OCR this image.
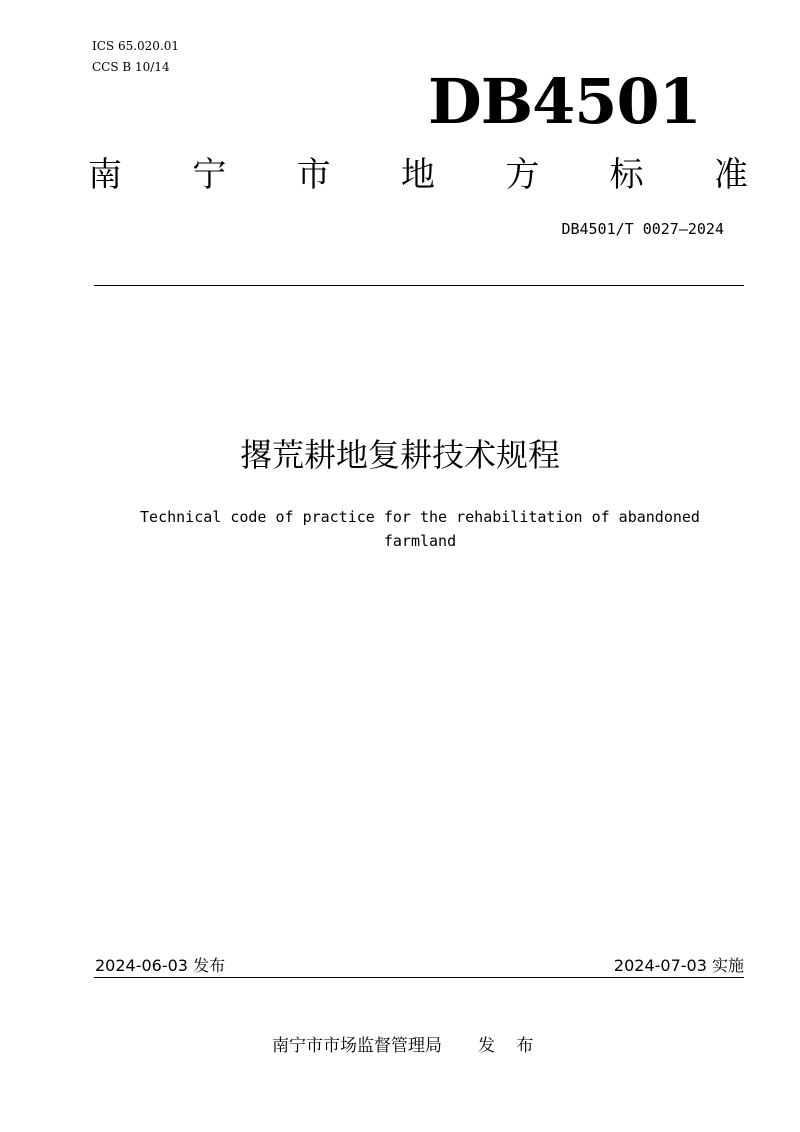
ICS 65.020.01
CCS B 10/14	DB4501
南 宁 市 地 方 标 准
DB4501/T 0027—2024
撂荒耕地复耕技术规程
Technical code of practice for the rehabilitation of abandoned farmland
2024-06-03 发布	2024-07-03 实施
南宁市市场监督管理局 发 布
